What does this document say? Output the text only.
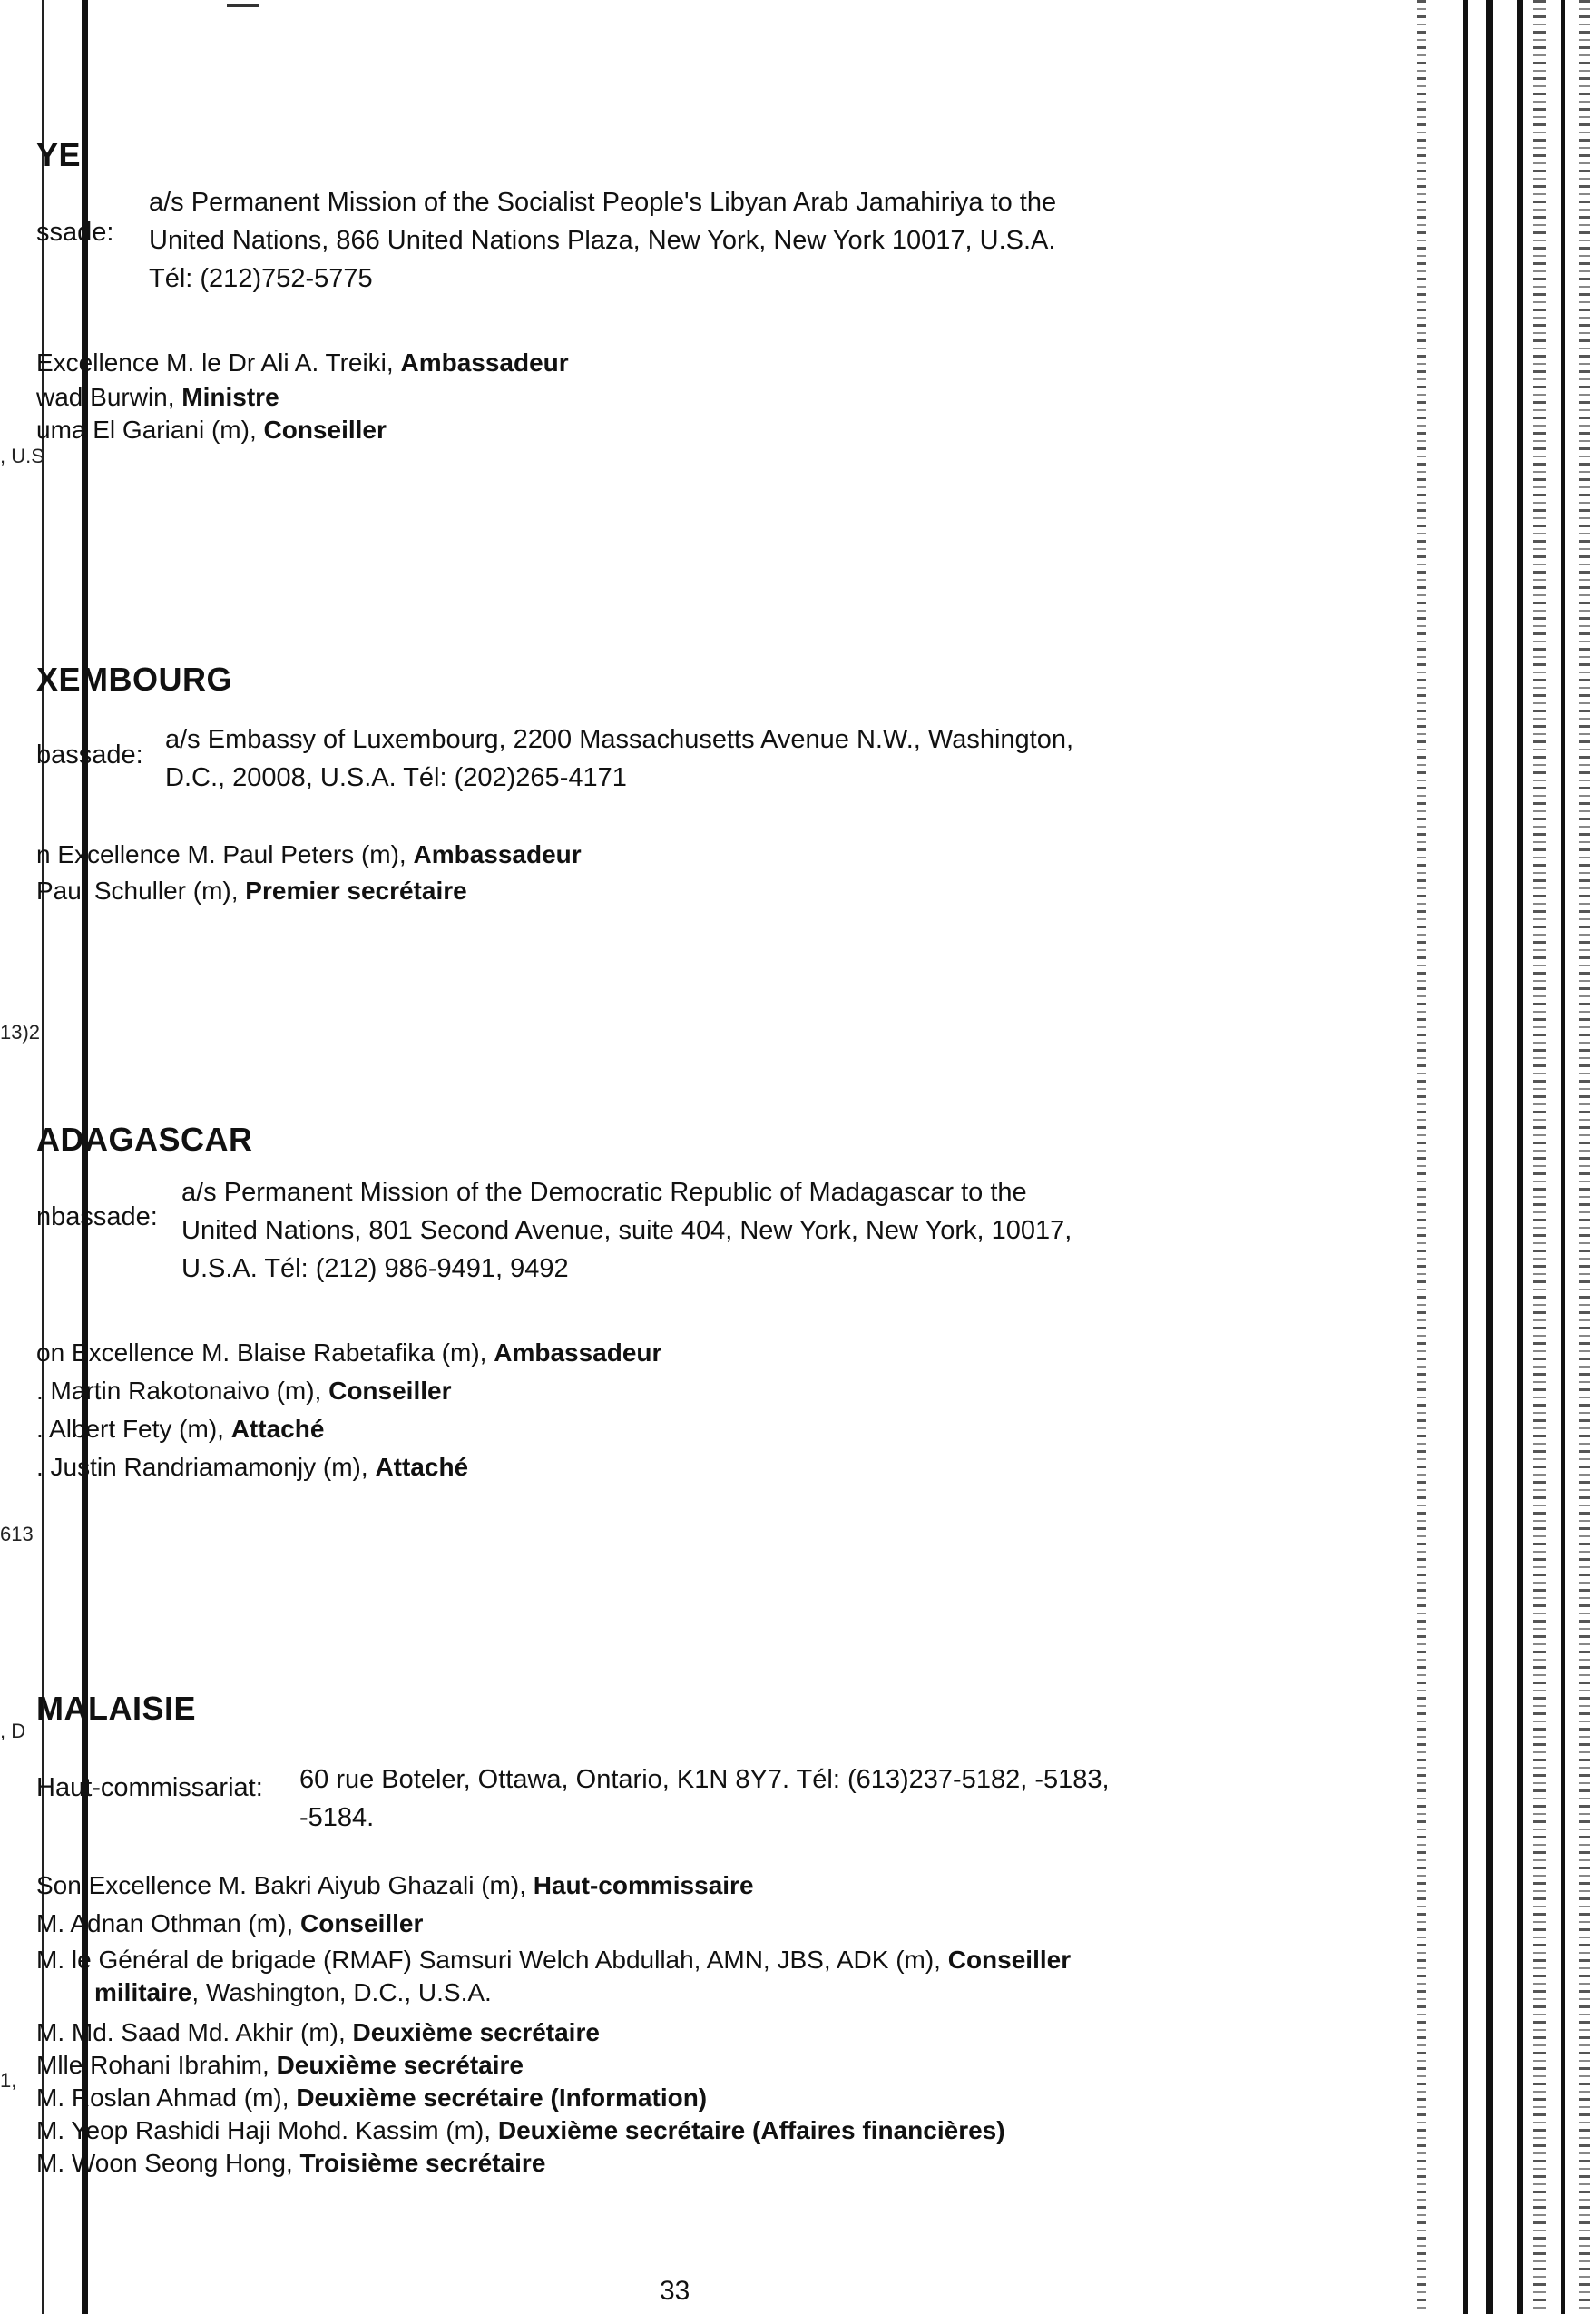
, U.S
13)2
613
, D
1,
YE
ssade:
a/s Permanent Mission of the Socialist People's Libyan Arab Jamahiriya to the
United Nations, 866 United Nations Plaza, New York, New York 10017, U.S.A.
Tél: (212)752-5775
Excellence M. le Dr Ali A. Treiki, Ambassadeur
wad Burwin, Ministre
uma El Gariani (m), Conseiller
XEMBOURG
bassade:
a/s Embassy of Luxembourg, 2200 Massachusetts Avenue N.W., Washington,
D.C., 20008, U.S.A. Tél: (202)265-4171
n Excellence M. Paul Peters (m), Ambassadeur
Paul Schuller (m), Premier secrétaire
ADAGASCAR
nbassade:
a/s Permanent Mission of the Democratic Republic of Madagascar to the
United Nations, 801 Second Avenue, suite 404, New York, New York, 10017,
U.S.A. Tél: (212) 986-9491, 9492
on Excellence M. Blaise Rabetafika (m), Ambassadeur
. Martin Rakotonaivo (m), Conseiller
. Albert Fety (m), Attaché
. Justin Randriamamonjy (m), Attaché
MALAISIE
Haut-commissariat: 60 rue Boteler, Ottawa, Ontario, K1N 8Y7. Tél: (613)237-5182, -5183,
-5184.
Son Excellence M. Bakri Aiyub Ghazali (m), Haut-commissaire
M. Adnan Othman (m), Conseiller
M. le Général de brigade (RMAF) Samsuri Welch Abdullah, AMN, JBS, ADK (m), Conseiller
militaire, Washington, D.C., U.S.A.
M. Md. Saad Md. Akhir (m), Deuxième secrétaire
Mlle Rohani Ibrahim, Deuxième secrétaire
M. Roslan Ahmad (m), Deuxième secrétaire (Information)
M. Yeop Rashidi Haji Mohd. Kassim (m), Deuxième secrétaire (Affaires financières)
M. Woon Seong Hong, Troisième secrétaire
33
